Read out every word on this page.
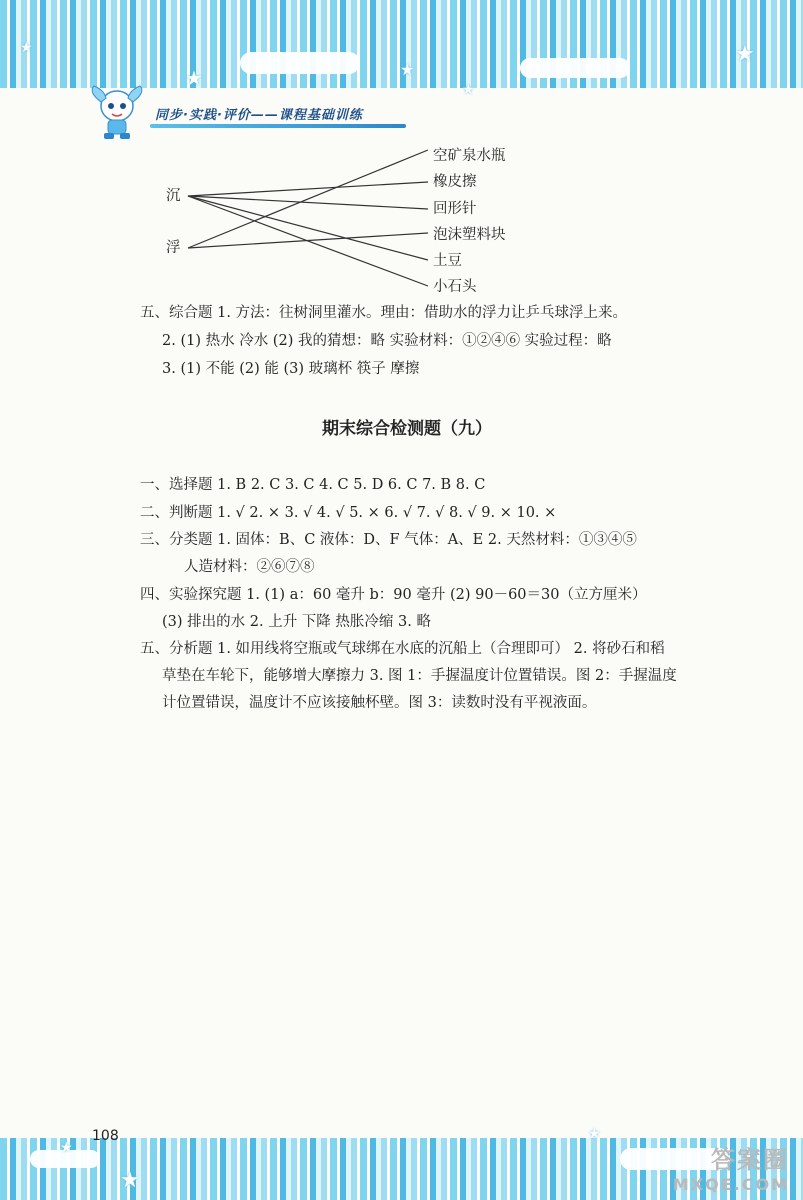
★	★
★
★
★
★
★
★
同步·实践·评价——课程基础训练
沉
浮
空矿泉水瓶
橡皮擦
回形针
泡沫塑料块
土豆
小石头
五、综合题 1. 方法：往树洞里灌水。理由：借助水的浮力让乒乓球浮上来。
2. (1) 热水 冷水 (2) 我的猜想：略 实验材料：①②④⑥ 实验过程：略
3. (1) 不能 (2) 能 (3) 玻璃杯 筷子 摩擦
期末综合检测题（九）
一、选择题 1. B 2. C 3. C 4. C 5. D 6. C 7. B 8. C
二、判断题 1. √ 2. × 3. √ 4. √ 5. × 6. √ 7. √ 8. √ 9. × 10. ×
三、分类题 1. 固体：B、C 液体：D、F 气体：A、E 2. 天然材料：①③④⑤
人造材料：②⑥⑦⑧
四、实验探究题 1. (1) a：60 毫升 b：90 毫升 (2) 90－60＝30（立方厘米）
(3) 排出的水 2. 上升 下降 热胀冷缩 3. 略
五、分析题 1. 如用线将空瓶或气球绑在水底的沉船上（合理即可） 2. 将砂石和稻
草垫在车轮下，能够增大摩擦力 3. 图 1：手握温度计位置错误。图 2：手握温度
计位置错误，温度计不应该接触杯壁。图 3：读数时没有平视液面。
108
答案圈
MXQE.COM
